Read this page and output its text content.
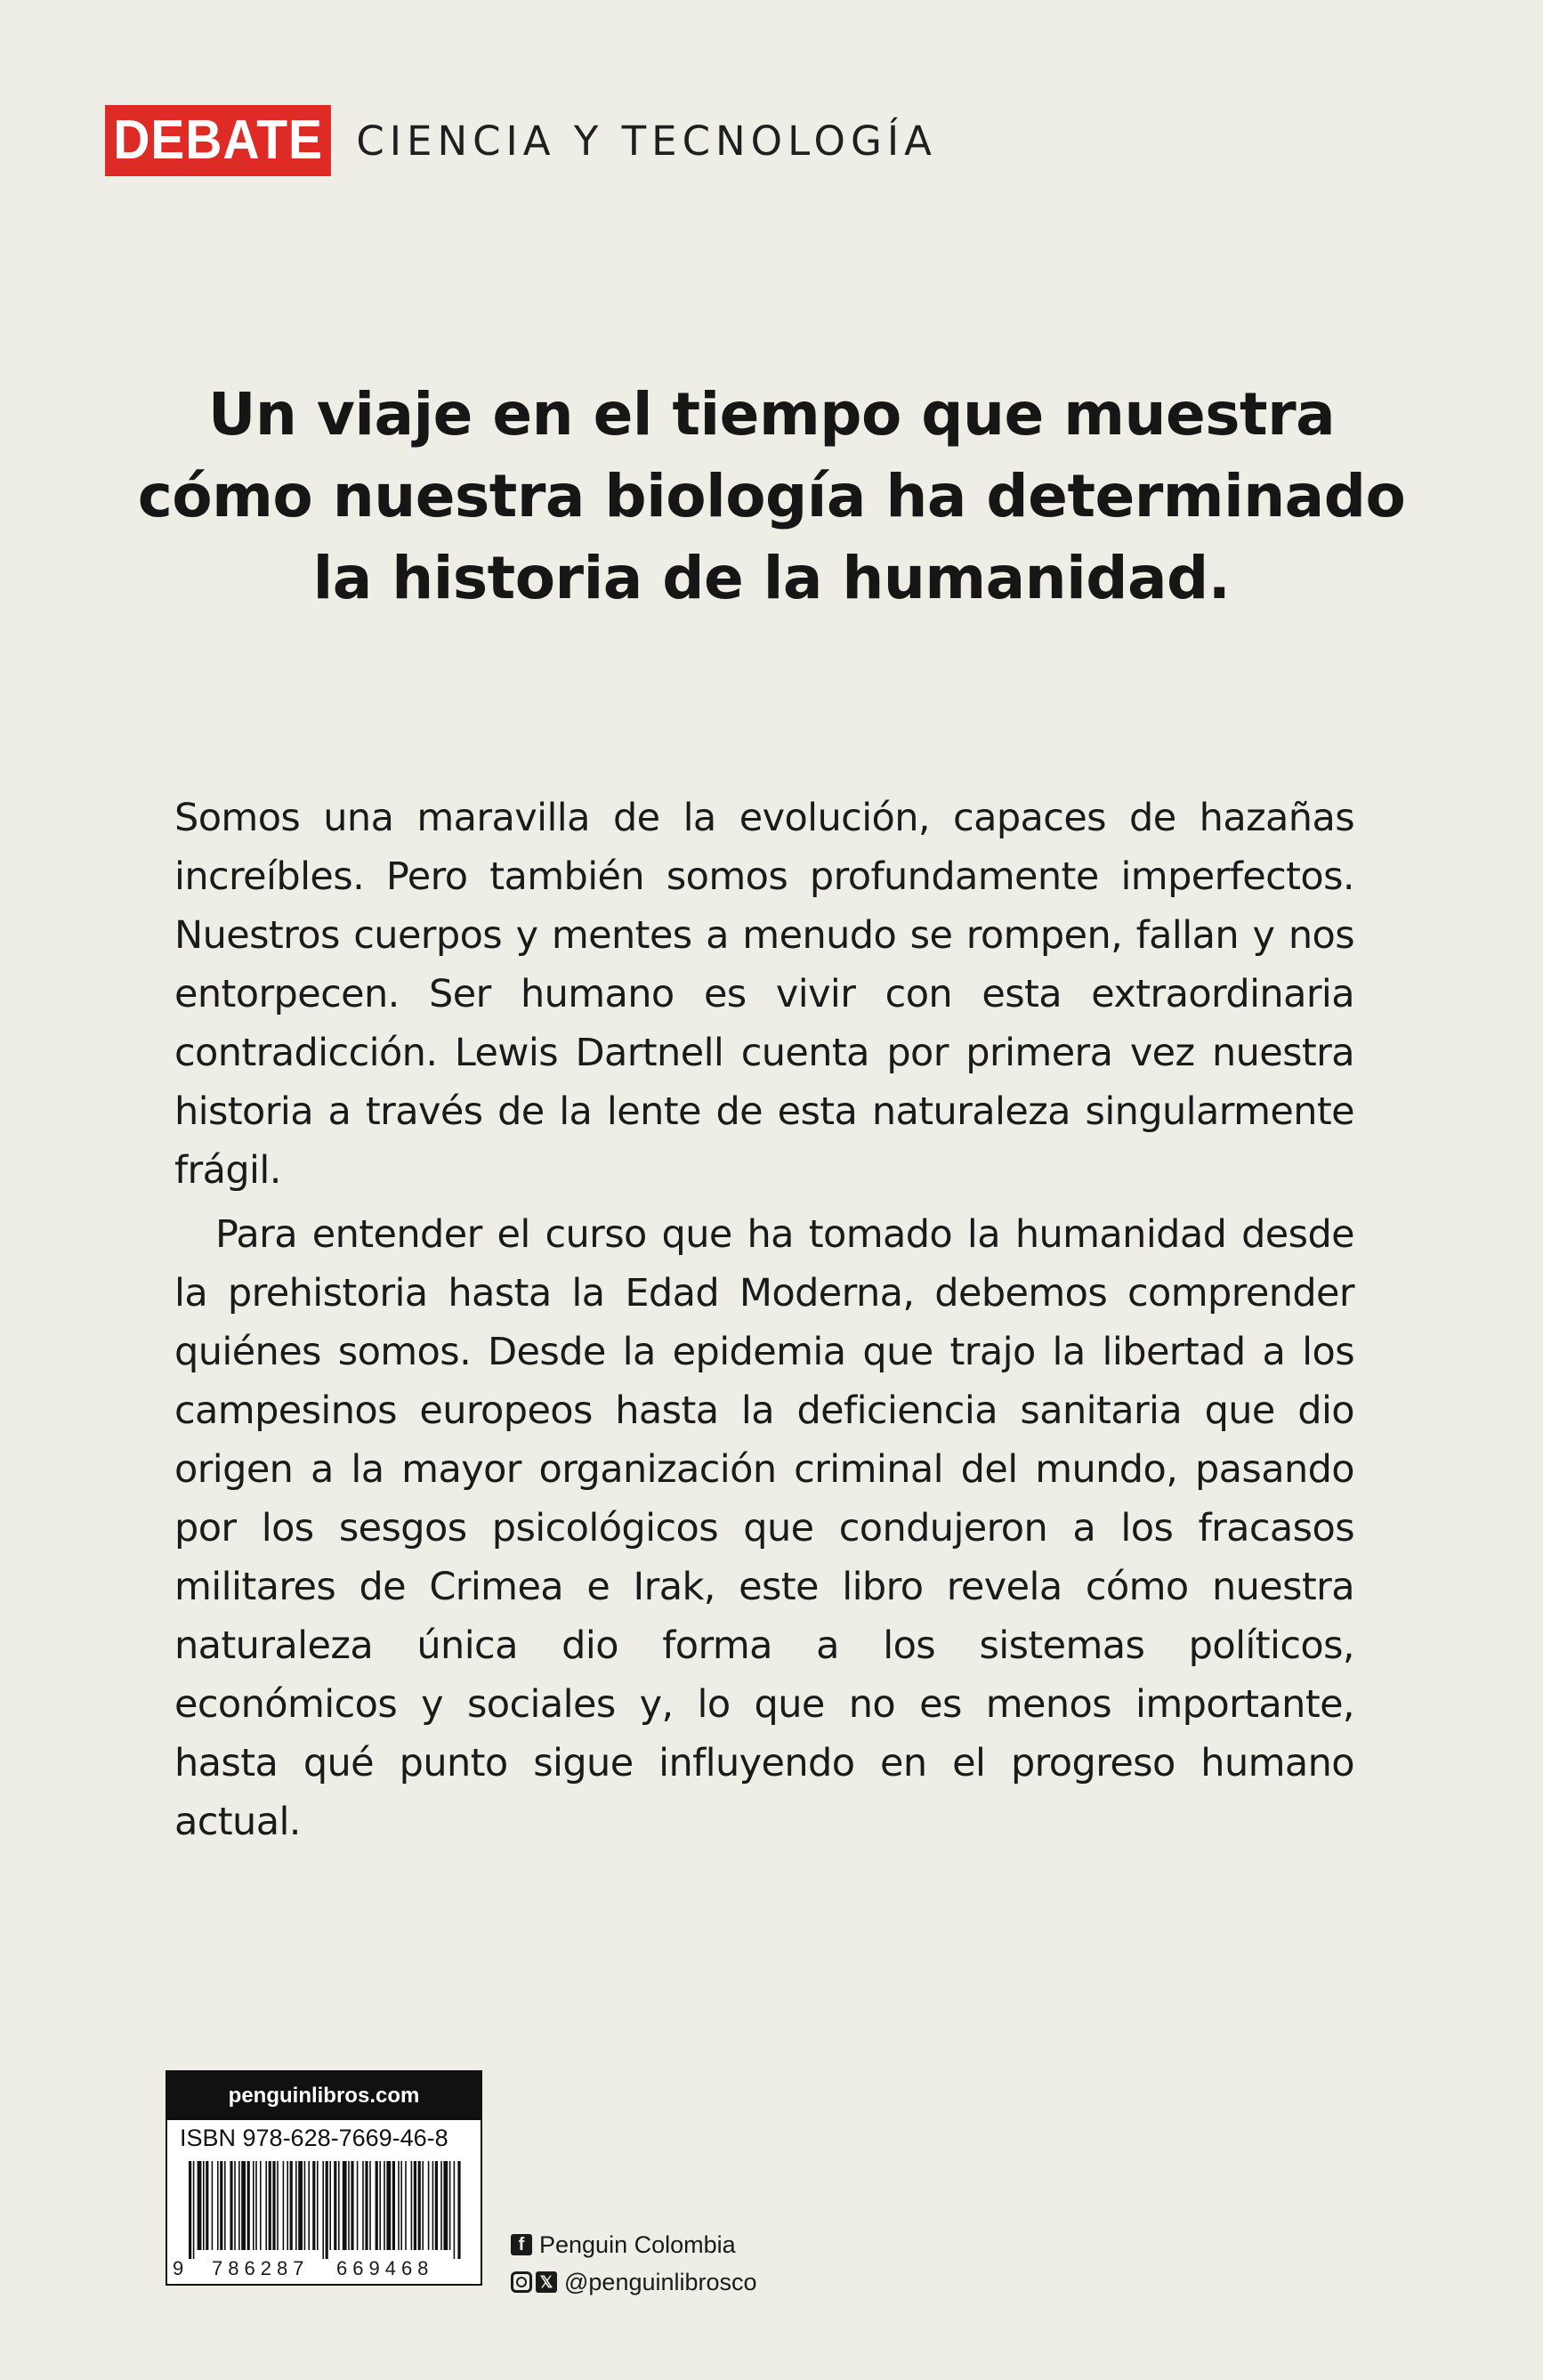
DEBATE CIENCIA Y TECNOLOGÍA
Un viaje en el tiempo que muestra
cómo nuestra biología ha determinado
la historia de la humanidad.

Somos una maravilla de la evolución, capaces de hazañas increíbles. Pero también somos profundamente imperfectos. Nuestros cuerpos y mentes a menudo se rompen, fallan y nos entorpecen. Ser humano es vivir con esta extraordinaria contradicción. Lewis Dartnell cuenta por primera vez nuestra historia a través de la lente de esta naturaleza singularmente frágil.

Para entender el curso que ha tomado la humanidad desde la prehistoria hasta la Edad Moderna, debemos comprender quiénes somos. Desde la epidemia que trajo la libertad a los campesinos europeos hasta la deficiencia sanitaria que dio origen a la mayor organización criminal del mundo, pasando por los sesgos psicológicos que condujeron a los fracasos militares de Crimea e Irak, este libro revela cómo nuestra naturaleza única dio forma a los sistemas políticos, económicos y sociales y, lo que no es menos importante, hasta qué punto sigue influyendo en el progreso humano actual.

penguinlibros.com
ISBN 978-628-7669-46-8
9 786287 669468
f Penguin Colombia
𝕏 @penguinlibrosco
